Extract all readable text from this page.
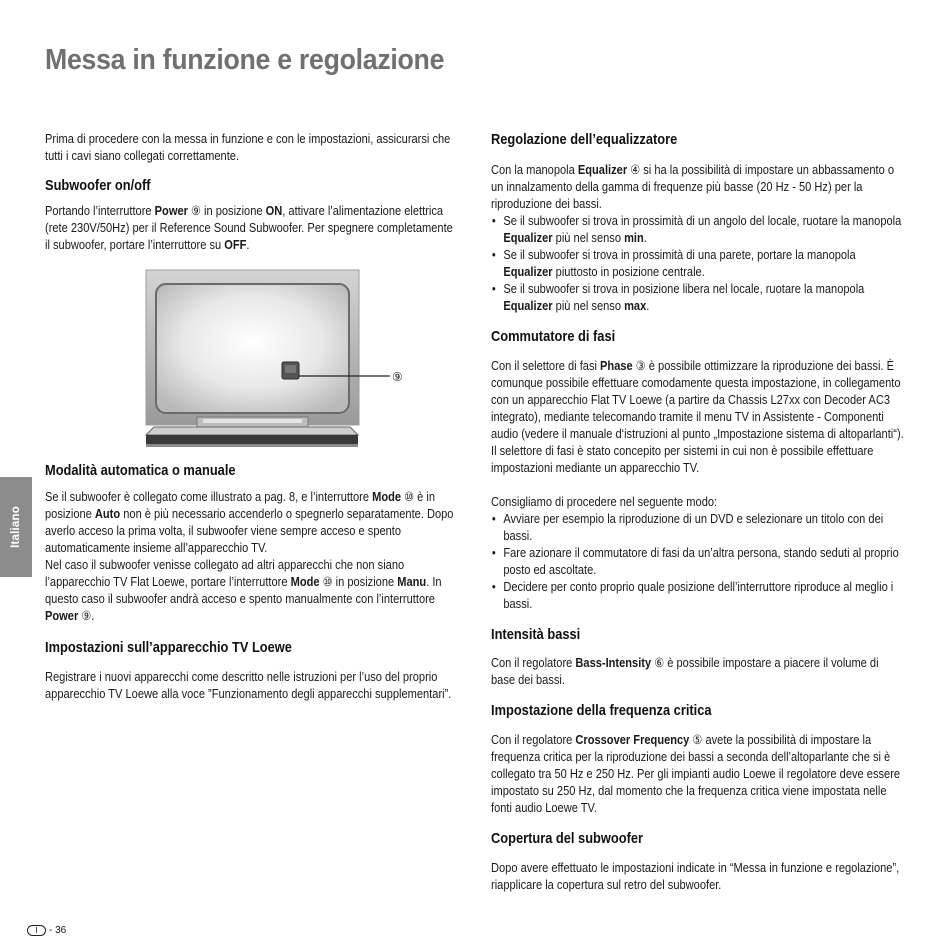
Messa in funzione e regolazione
Italiano

Prima di procedere con la messa in funzione e con le impostazioni, assicurarsi che tutti i cavi siano collegati correttamente.

Subwoofer on/off

Portando l’interruttore Power ⑨ in posizione ON, attivare l’alimentazione elettrica (rete 230V/50Hz) per il Reference Sound Subwoofer. Per spegnere completamente il subwoofer, portare l’interruttore su OFF.

Modalità automatica o manuale

Se il subwoofer è collegato come illustrato a pag. 8, e l’interruttore Mode ⑩ è in posizione Auto non è più necessario accenderlo o spegnerlo separatamente. Dopo averlo acceso la prima volta, il subwoofer viene sempre acceso e spento automaticamente insieme all’apparecchio TV.

Nel caso il subwoofer venisse collegato ad altri apparecchi che non siano l’apparecchio TV Flat Loewe, portare l’interruttore Mode ⑩ in posizione Manu. In questo caso il subwoofer andrà acceso e spento manualmente con l’interruttore Power ⑨.

Impostazioni sull’apparecchio TV Loewe

Registrare i nuovi apparecchi come descritto nelle istruzioni per l’uso del proprio apparecchio TV Loewe alla voce ”Funzionamento degli apparecchi supplementari”.

⑨
Regolazione dell’equalizzatore

Con la manopola Equalizer ④ si ha la possibilità di impostare un abbassamento o un innalzamento della gamma di frequenze più basse (20 Hz - 50 Hz) per la riproduzione dei bassi.

• Se il subwoofer si trova in prossimità di un angolo del locale, ruotare la manopola Equalizer più nel senso min.
• Se il subwoofer si trova in prossimità di una parete, portare la manopola Equalizer piuttosto in posizione centrale.
• Se il subwoofer si trova in posizione libera nel locale, ruotare la manopola Equalizer più nel senso max.
Commutatore di fasi

Con il selettore di fasi Phase ③ è possibile ottimizzare la riproduzione dei bassi. È comunque possibile effettuare comodamente questa impostazione, in collegamento con un apparecchio Flat TV Loewe (a partire da Chassis L27xx con Decoder AC3 integrato), mediante telecomando tramite il menu TV in Assistente - Componenti audio (vedere il manuale d‘istruzioni al punto „Impostazione sistema di altoparlanti“). Il selettore di fasi è stato concepito per sistemi in cui non è possibile effettuare impostazioni mediante un apparecchio TV.

Consigliamo di procedere nel seguente modo:

• Avviare per esempio la riproduzione di un DVD e selezionare un titolo con dei bassi.
• Fare azionare il commutatore di fasi da un’altra persona, stando seduti al proprio posto ed ascoltate.
• Decidere per conto proprio quale posizione dell’interruttore riproduce al meglio i bassi.
Intensità bassi

Con il regolatore Bass-Intensity ⑥ è possibile impostare a piacere il volume di base dei bassi.

Impostazione della frequenza critica

Con il regolatore Crossover Frequency ⑤ avete la possibilità di impostare la frequenza critica per la riproduzione dei bassi a seconda dell’altoparlante che si è collegato tra 50 Hz e 250 Hz. Per gli impianti audio Loewe il regolatore deve essere impostato su 250 Hz, dal momento che la frequenza critica viene impostata nelle fonti audio Loewe TV.

Copertura del subwoofer

Dopo avere effettuato le impostazioni indicate in “Messa in funzione e regolazione”, riapplicare la copertura sul retro del subwoofer.

I	- 36
